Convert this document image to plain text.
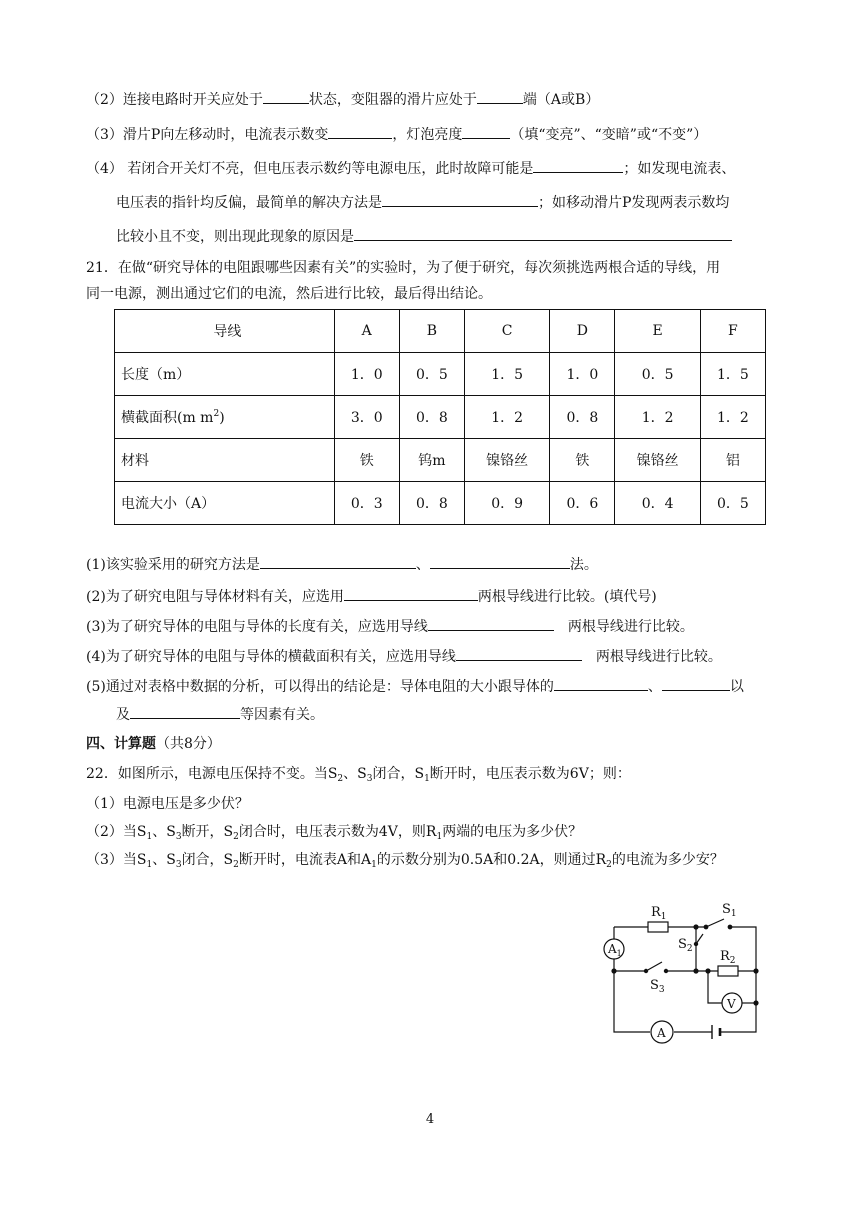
（2）连接电路时开关应处于	状态，变阻器的滑片应处于	端（A或B）
（3）滑片P向左移动时，电流表示数变	，灯泡亮度	（填“变亮”、“变暗”或“不变”）
（4） 若闭合开关灯不亮，但电压表示数约等电源电压，此时故障可能是	；如发现电流表、
电压表的指针均反偏，最简单的解决方法是	；如移动滑片P发现两表示数均
比较小且不变，则出现此现象的原因是
21．在做“研究导体的电阻跟哪些因素有关”的实验时，为了便于研究，每次须挑选两根合适的导线，用
同一电源，测出通过它们的电流，然后进行比较，最后得出结论。
导线	A	B	C	D	E	F
长度（m）	1．0	0．5	1．5	1．0	0．5	1．5
横截面积(m $m^2$)	3．0	0．8	1．2	0．8	1．2	1．2
材料	铁	钨m	镍铬丝	铁	镍铬丝	铝
电流大小（A）	0．3	0．8	0．9	0．6	0．4	0．5
(1)该实验采用的研究方法是	、	法。
(2)为了研究电阻与导体材料有关，应选用	两根导线进行比较。(填代号)
(3)为了研究导体的电阻与导体的长度有关，应选用导线	两根导线进行比较。
(4)为了研究导体的电阻与导体的横截面积有关，应选用导线	两根导线进行比较。
(5)通过对表格中数据的分析，可以得出的结论是：导体电阻的大小跟导体的	、	以
及	等因素有关。
四、计算题（共8分）
22．如图所示，电源电压保持不变。当$S_2$、$S_3$闭合，$S_1$断开时，电压表示数为6V；则：
（1）电源电压是多少伏？
（2）当$S_1$、$S_3$断开，$S_2$闭合时，电压表示数为4V，则$R_1$两端的电压为多少伏？
（3）当$S_1$、$S_3$闭合，$S_2$断开时，电流表A和$A_1$的示数分别为0.5A和0.2A，则通过$R_2$的电流为多少安？
$R_1$	$S_1$
$S_2$ $R_2$
$S_3$
$A_1$
A
V
4
